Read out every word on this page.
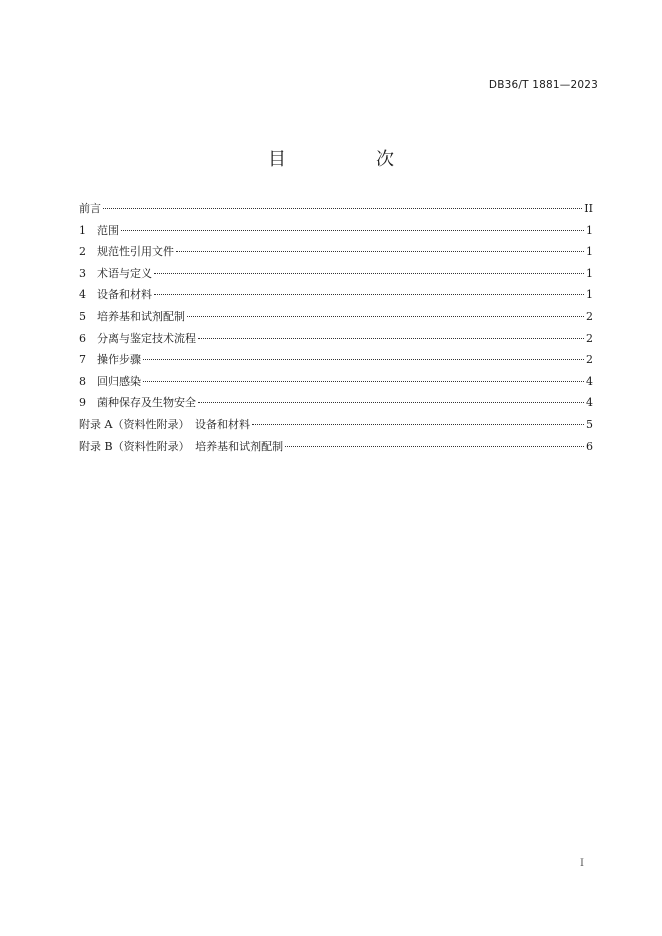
DB36/T 1881—2023
目　次
前言	II
1	范围	1
2	规范性引用文件	1
3	术语与定义	1
4	设备和材料	1
5	培养基和试剂配制	2
6	分离与鉴定技术流程	2
7	操作步骤	2
8	回归感染	4
9	菌种保存及生物安全	4
附录 A（资料性附录）　设备和材料	5
附录 B（资料性附录）　培养基和试剂配制	6
I
